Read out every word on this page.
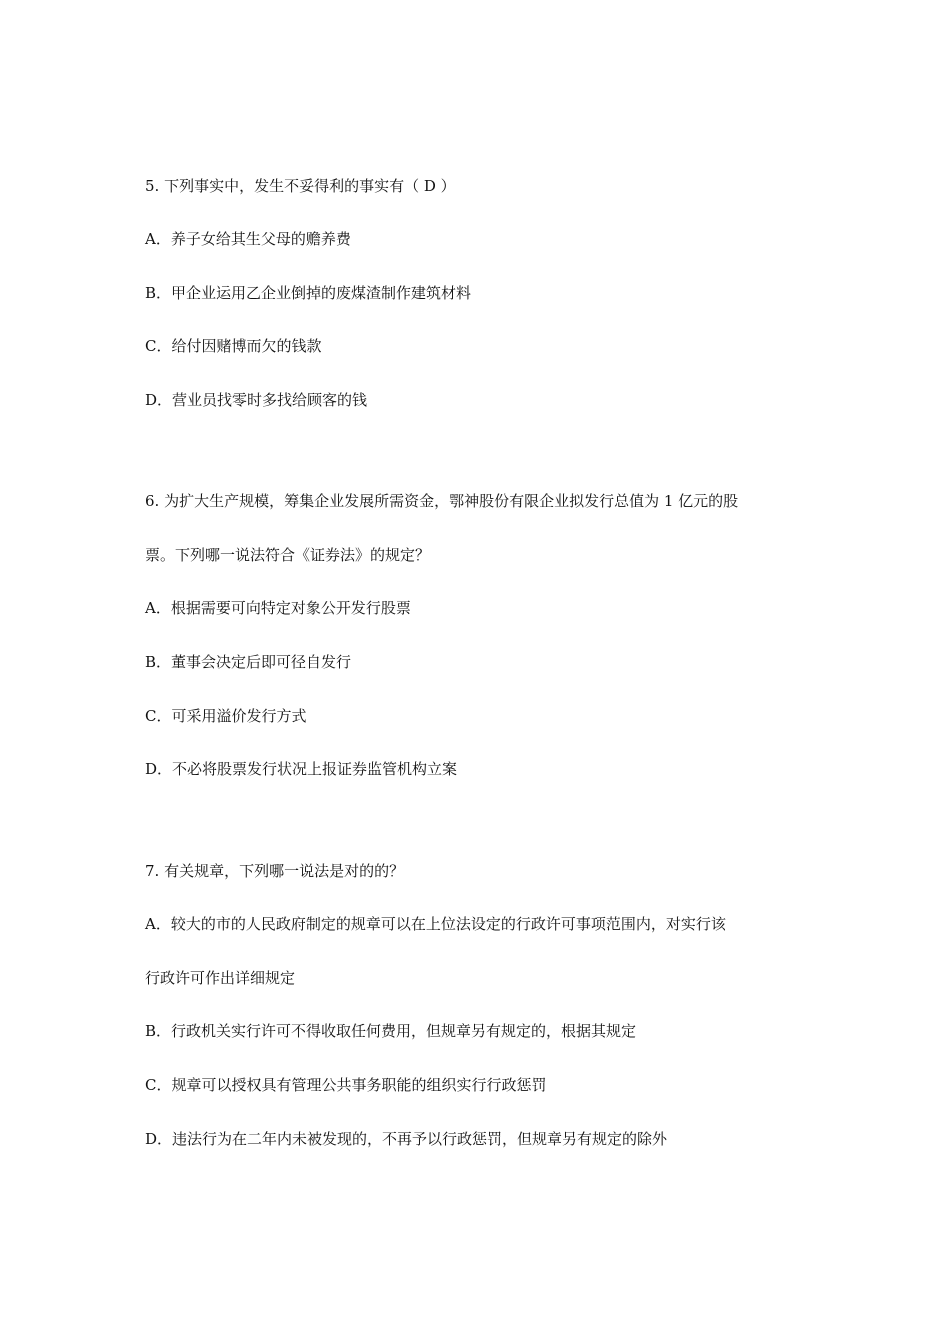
5. 下列事实中，发生不妥得利的事实有（ D ）
A．养子女给其生父母的赡养费
B．甲企业运用乙企业倒掉的废煤渣制作建筑材料
C．给付因赌博而欠的钱款
D．营业员找零时多找给顾客的钱
6. 为扩大生产规模，筹集企业发展所需资金，鄂神股份有限企业拟发行总值为 1 亿元的股
票。下列哪一说法符合《证券法》的规定？
A．根据需要可向特定对象公开发行股票
B．董事会决定后即可径自发行
C．可采用溢价发行方式
D．不必将股票发行状况上报证券监管机构立案
7. 有关规章，下列哪一说法是对的的？
A．较大的市的人民政府制定的规章可以在上位法设定的行政许可事项范围内，对实行该
行政许可作出详细规定
B．行政机关实行许可不得收取任何费用，但规章另有规定的，根据其规定
C．规章可以授权具有管理公共事务职能的组织实行行政惩罚
D．违法行为在二年内未被发现的，不再予以行政惩罚，但规章另有规定的除外
